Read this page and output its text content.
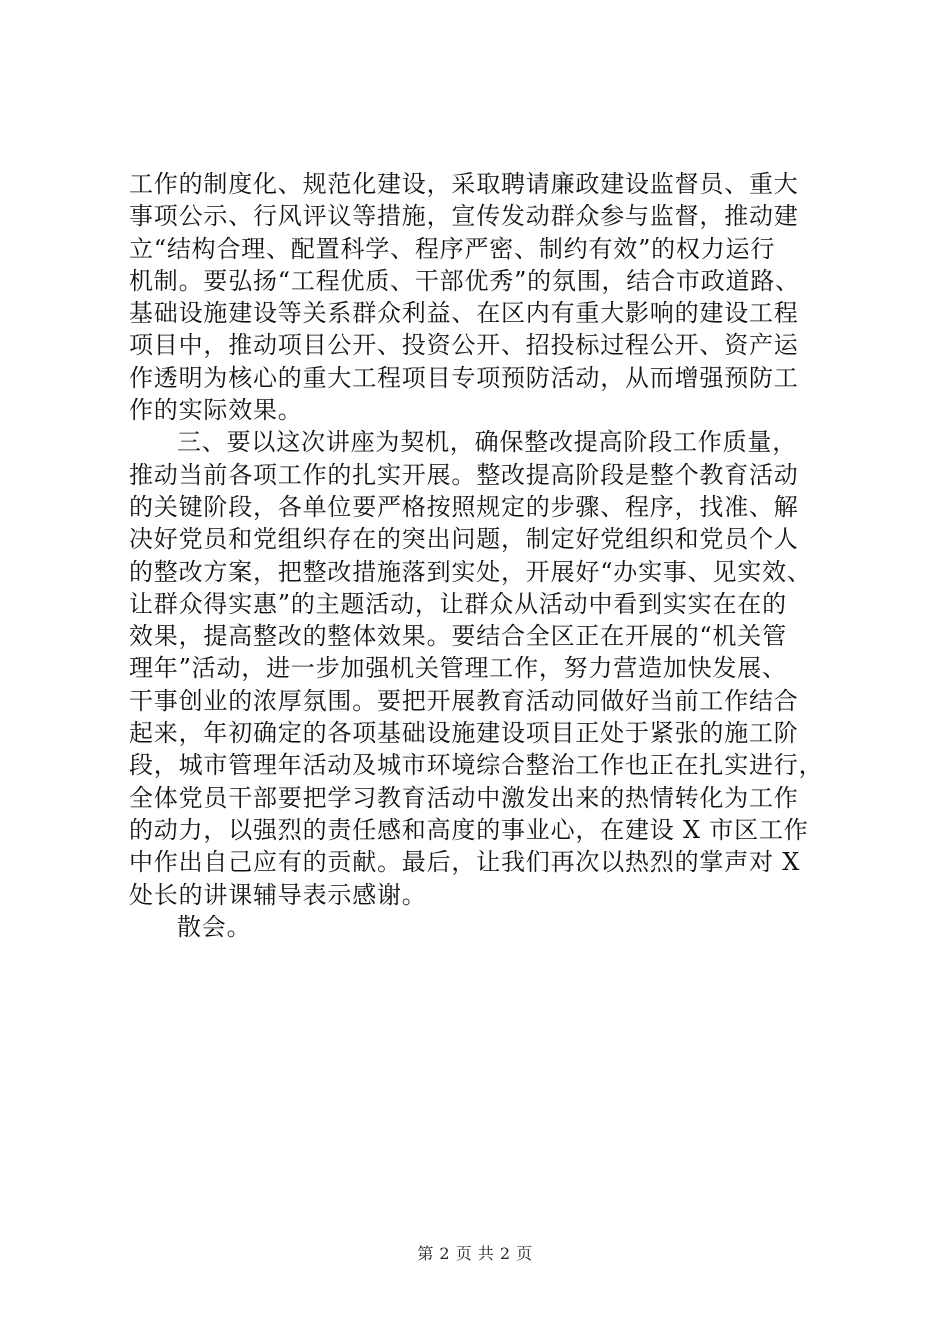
工作的制度化、规范化建设，采取聘请廉政建设监督员、重大
事项公示、行风评议等措施，宣传发动群众参与监督，推动建
立“结构合理、配置科学、程序严密、制约有效”的权力运行
机制。要弘扬“工程优质、干部优秀”的氛围，结合市政道路、
基础设施建设等关系群众利益、在区内有重大影响的建设工程
项目中，推动项目公开、投资公开、招投标过程公开、资产运
作透明为核心的重大工程项目专项预防活动，从而增强预防工
作的实际效果。
三、要以这次讲座为契机，确保整改提高阶段工作质量，
推动当前各项工作的扎实开展。整改提高阶段是整个教育活动
的关键阶段，各单位要严格按照规定的步骤、程序，找准、解
决好党员和党组织存在的突出问题，制定好党组织和党员个人
的整改方案，把整改措施落到实处，开展好“办实事、见实效、
让群众得实惠”的主题活动，让群众从活动中看到实实在在的
效果，提高整改的整体效果。要结合全区正在开展的“机关管
理年”活动，进一步加强机关管理工作，努力营造加快发展、
干事创业的浓厚氛围。要把开展教育活动同做好当前工作结合
起来，年初确定的各项基础设施建设项目正处于紧张的施工阶
段，城市管理年活动及城市环境综合整治工作也正在扎实进行，
全体党员干部要把学习教育活动中激发出来的热情转化为工作
的动力，以强烈的责任感和高度的事业心，在建设 X 市区工作
中作出自己应有的贡献。最后，让我们再次以热烈的掌声对 X
处长的讲课辅导表示感谢。
散会。
第 2 页 共 2 页
